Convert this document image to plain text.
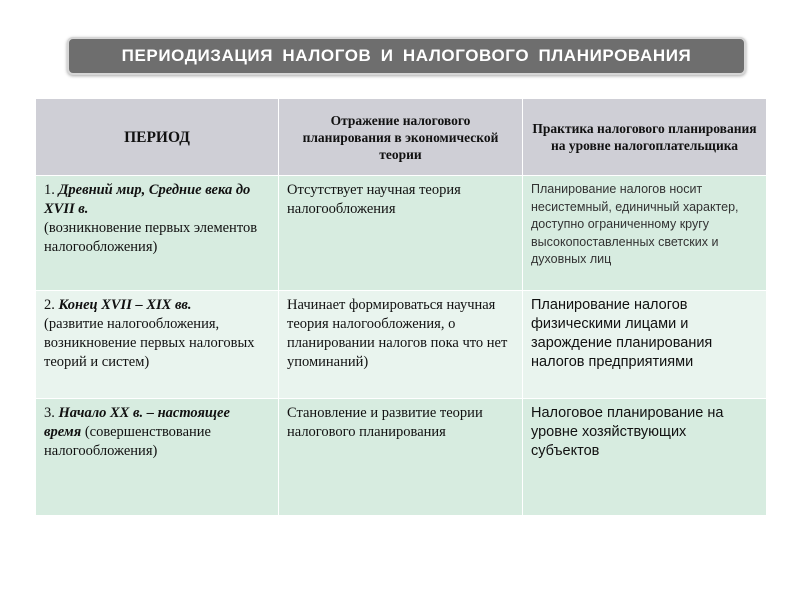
ПЕРИОДИЗАЦИЯ НАЛОГОВ И НАЛОГОВОГО ПЛАНИРОВАНИЯ
ПЕРИОД	Отражение налогового планирования в экономической теории	Практика налогового планирования на уровне налогоплательщика
1. Древний мир, Средние века до XVII в.
(возникновение первых элементов налогообложения)	Отсутствует научная теория налогообложения	Планирование налогов носит несистемный, единичный характер, доступно ограниченному кругу высокопоставленных светских и духовных лиц
2. Конец XVII – XIX вв.
(развитие налогообложения, возникновение первых налоговых теорий и систем)	Начинает формироваться научная теория налогообложения, о планировании налогов пока что нет упоминаний)	Планирование налогов физическими лицами и зарождение планирования налогов предприятиями
3. Начало XX в. – настоящее время (совершенствование налогообложения)	Становление и развитие теории налогового планирования	Налоговое планирование на уровне хозяйствующих субъектов
